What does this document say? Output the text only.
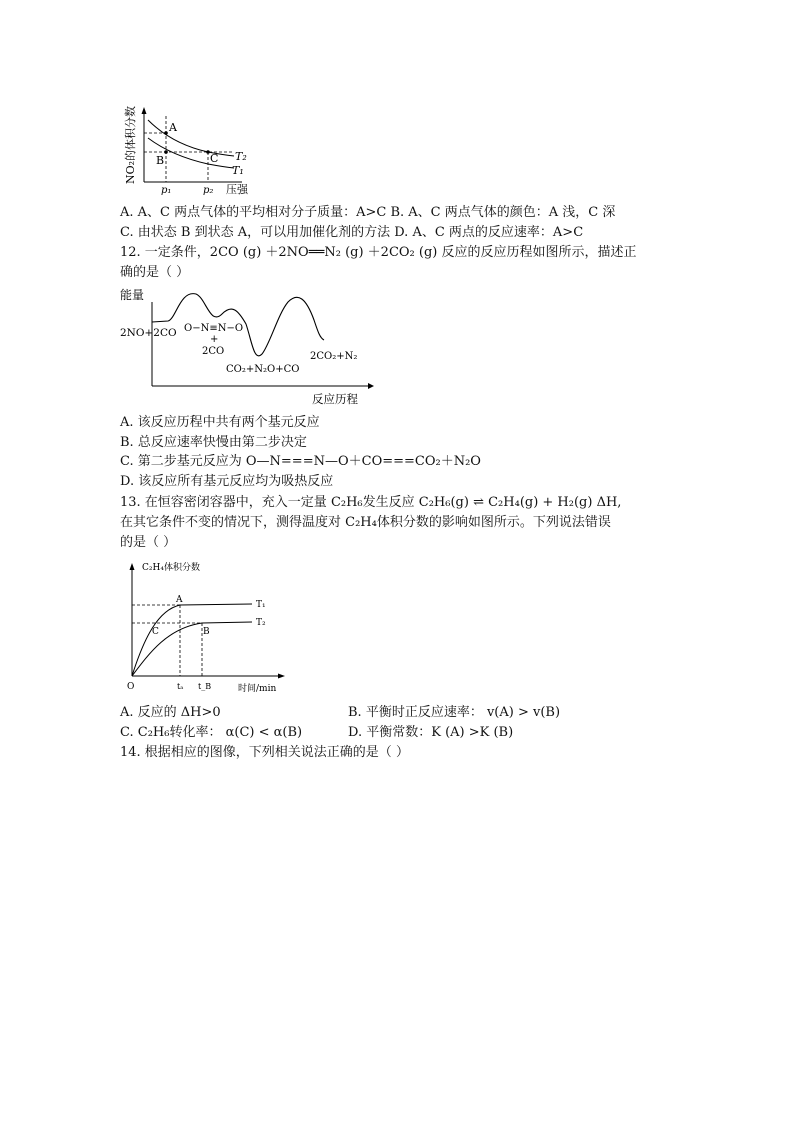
A
B	C T₂
T₁
p₁	p₂ 压强
NO₂的体积分数
A. A、C 两点气体的平均相对分子质量：A>C B. A、C 两点气体的颜色：A 浅，C 深
C. 由状态 B 到状态 A，可以用加催化剂的方法 D. A、C 两点的反应速率：A>C
12. 一定条件，2CO (g) ＋2NO══N₂ (g) ＋2CO₂ (g) 反应的反应历程如图所示，描述正
确的是（ ）
能量
2NO+2CO O−N≡N−O
+
2CO
CO₂+N₂O+CO
2CO₂+N₂
反应历程
A. 该反应历程中共有两个基元反应
B. 总反应速率快慢由第二步决定
C. 第二步基元反应为 O—N===N—O＋CO===CO₂＋N₂O
D. 该反应所有基元反应均为吸热反应
13. 在恒容密闭容器中，充入一定量 C₂H₆发生反应 C₂H₆(g) ⇌ C₂H₄(g) + H₂(g) ΔH,
在其它条件不变的情况下，测得温度对 C₂H₄体积分数的影响如图所示。下列说法错误
的是（ ）
C₂H₄体积分数
A
C	B
T₁
T₂
O	tₐ t_B	时间/min
A. 反应的 ΔH>0	B. 平衡时正反应速率： v(A) > v(B)
C. C₂H₆转化率： α(C) < α(B)	D. 平衡常数：K (A) >K (B)
14. 根据相应的图像，下列相关说法正确的是（ ）
